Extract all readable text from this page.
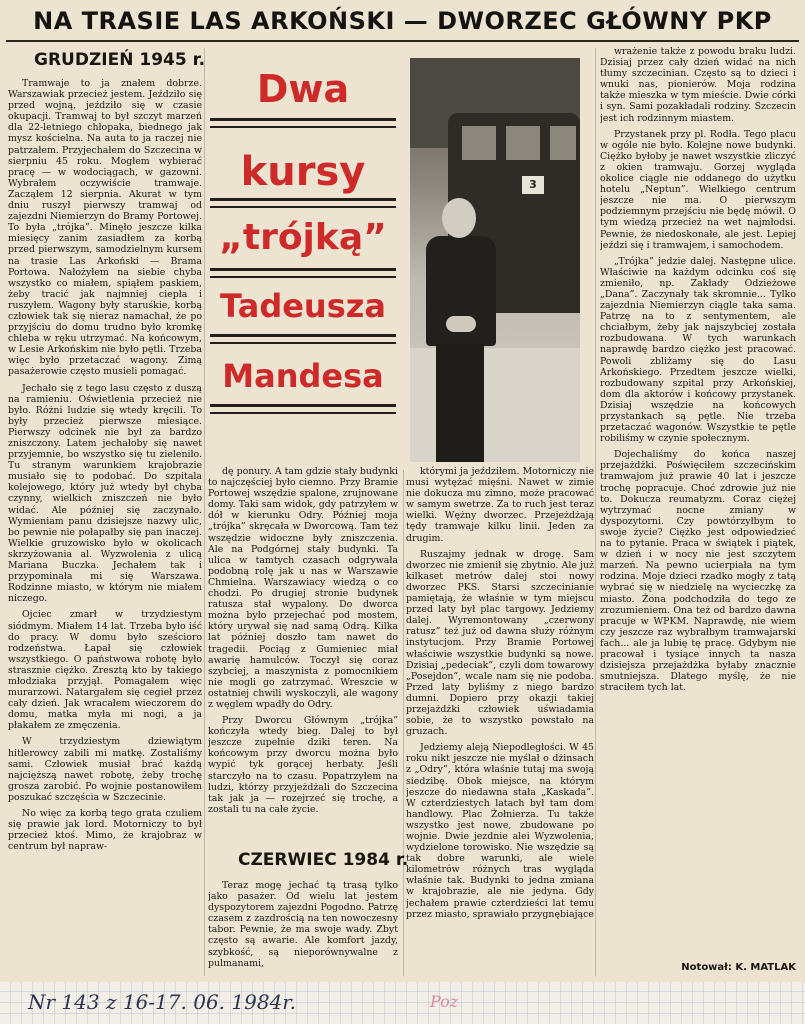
NA TRASIE LAS ARKOŃSKI — DWORZEC GŁÓWNY PKP
GRUDZIEŃ 1945 r.

Tramwaje to ja znałem dobrze. Warszawiak przecież jestem. Jeździło się przed wojną, jeździło się w czasie okupacji. Tramwaj to był szczyt marzeń dla 22-letniego chłopaka, biednego jak mysz kościelna. Na auta to ja raczej nie patrzałem. Przyjechałem do Szczecina w sierpniu 45 roku. Mogłem wybierać pracę — w wodociągach, w gazowni. Wybrałem oczywiście tramwaje. Zacząłem 12 sierpnia. Akurat w tym dniu ruszył pierwszy tramwaj od zajezdni Niemierzyn do Bramy Portowej. To była „trójka”. Minęło jeszcze kilka miesięcy zanim zasiadłem za korbą przed pierwszym, samodzielnym kursem na trasie Las Arkoński — Brama Portowa. Nałożyłem na siebie chyba wszystko co miałem, spiąłem paskiem, żeby tracić jak najmniej ciepła i ruszyłem. Wagony były staruśkie, korbą człowiek tak się nieraz namachał, że po przyjściu do domu trudno było kromkę chleba w ręku utrzymać. Na końcowym, w Lesie Arkońskim nie było pętli. Trzeba więc było przetaczać wagony. Zimą pasażerowie często musieli pomagać.

Jechało się z tego lasu często z duszą na ramieniu. Oświetlenia przecież nie było. Różni ludzie się wtedy kręcili. To były przecież pierwsze miesiące. Pierwszy odcinek nie był za bardzo zniszczony. Latem jechałoby się nawet przyjemnie, bo wszystko się tu zieleniło. Tu stranym warunkiem krajobrazie musiało się to podobać. Do szpitala kolejowego, który już wtedy był chyba czynny, wielkich zniszczeń nie było widać. Ale później się zaczynało. Wymieniam panu dzisiejsze nazwy ulic, bo pewnie nie połapałby się pan inaczej. Wielkie gruzowisko było w okolicach skrzyżowania al. Wyzwolenia z ulicą Mariana Buczka. Jechałem tak i przypominała mi się Warszawa. Rodzinne miasto, w którym nie miałem niczego.

Ojciec zmarł w trzydziestym siódmym. Miałem 14 lat. Trzeba było iść do pracy. W domu było sześcioro rodzeństwa. Łapał się człowiek wszystkiego. O państwowa robotę było strasznie ciężko. Zresztą kto by takiego młodziaka przyjął. Pomagałem więc murarzowi. Natargałem się cegieł przez cały dzień. Jak wracałem wieczorem do domu, matka myła mi nogi, a ja płakałem ze zmęczenia.

W trzydziestym dziewiątym hitlerowcy zabili mi matkę. Zostaliśmy sami. Człowiek musiał brać każdą najcięższą nawet robotę, żeby trochę grosza zarobić. Po wojnie postanowiłem poszukać szczęścia w Szczecinie.

No więc za korbą tego grata czuliem się prawie jak lord. Motorniczy to był przecież ktoś. Mimo, że krajobraz w centrum był napraw-

Dwa
kursy
„trójką”
Tadeusza
Mandesa
3

dę ponury. A tam gdzie stały budynki to najczęściej było ciemno. Przy Bramie Portowej wszędzie spalone, zrujnowane domy. Taki sam widok, gdy patrzyłem w dół w kierunku Odry. Później moja „trójka” skręcała w Dworcową. Tam też wszędzie widoczne były zniszczenia. Ale na Podgórnej stały budynki. Ta ulica w tamtych czasach odgrywała podobną rolę jak u nas w Warszawie Chmielna. Warszawiacy wiedzą o co chodzi. Po drugiej stronie budynek ratusza stał wypalony. Do dworca można było przejechać pod mostem, który urywał się nad samą Odrą. Kilka lat później doszło tam nawet do tragedii. Pociąg z Gumieniec miał awarię hamulców. Toczył się coraz szybciej, a maszynista z pomocnikiem nie mogli go zatrzymać. Wreszcie w ostatniej chwili wyskoczyli, ale wagony z węglem wpadły do Odry.

Przy Dworcu Głównym „trójka” kończyła wtedy bieg. Dalej to był jeszcze zupełnie dziki teren. Na końcowym przy dworcu można było wypić tyk gorącej herbaty. Jeśli starczyło na to czasu. Popatrzyłem na ludzi, którzy przyjeżdżali do Szczecina tak jak ja — rozejrzeć się trochę, a zostali tu na całe życie.

CZERWIEC 1984 r.

Teraz mogę jechać tą trasą tylko jako pasażer. Od wielu lat jestem dyspozytorem zajezdni Pogodno. Patrzę czasem z zazdrością na ten nowoczesny tabor. Pewnie, że ma swoje wady. Zbyt często są awarie. Ale komfort jazdy, szybkość, są nieporównywalne z pulmanami,

którymi ja jeździłem. Motorniczy nie musi wytężać mięśni. Nawet w zimie nie dokucza mu zimno, może pracować w samym swetrze. Za to ruch jest teraz wielki. Wężny dworzec. Przejeżdżają tędy tramwaje kilku linii. Jeden za drugim.

Ruszajmy jednak w drogę. Sam dworzec nie zmienił się zbytnio. Ale już kilkaset metrów dalej stoi nowy dworzec PKS. Starsi szczecinianie pamiętają, że właśnie w tym miejscu przed laty był plac targowy. Jedziemy dalej. Wyremontowany „czerwony ratusz” też już od dawna służy różnym instytucjom. Przy Bramie Portowej właściwie wszystkie budynki są nowe. Dzisiaj „pedeciak”, czyli dom towarowy „Posejdon”, wcale nam się nie podoba. Przed laty byliśmy z niego bardzo dumni. Dopiero przy okazji takiej przejażdżki człowiek uświadamia sobie, że to wszystko powstało na gruzach.

Jedziemy aleją Niepodległości. W 45 roku nikt jeszcze nie myślał o dżinsach z „Odry”, która właśnie tutaj ma swoją siedzibę. Obok miejsce, na którym jeszcze do niedawna stała „Kaskada”. W czterdziestych latach był tam dom handlowy. Plac Żołnierza. Tu także wszystko jest nowe, zbudowane po wojnie. Dwie jezdnie alei Wyzwolenia, wydzielone torowisko. Nie wszędzie są tak dobre warunki, ale wiele kilometrów różnych tras wygląda właśnie tak. Budynki to jedna zmiana w krajobrazie, ale nie jedyna. Gdy jechałem prawie czterdzieści lat temu przez miasto, sprawiało przygnębiające

wrażenie także z powodu braku ludzi. Dzisiaj przez cały dzień widać na nich tłumy szczecinian. Często są to dzieci i wnuki nas, pionierów. Moja rodzina także mieszka w tym mieście. Dwie córki i syn. Sami pozakładali rodziny. Szczecin jest ich rodzinnym miastem.

Przystanek przy pl. Rodła. Tego placu w ogóle nie było. Kolejne nowe budynki. Ciężko byłoby je nawet wszystkie zliczyć z okien tramwaju. Gorzej wygląda okolice ciągle nie oddanego do użytku hotelu „Neptun”. Wielkiego centrum jeszcze nie ma. O pierwszym podziemnym przejściu nie będę mówił. O tym wiedzą przecież na wet najmłodsi. Pewnie, że niedoskonałe, ale jest. Lepiej jeździ się i tramwajem, i samochodem.

„Trójka” jedzie dalej. Następne ulice. Właściwie na każdym odcinku coś się zmieniło, np. Zakłady Odzieżowe „Dana”. Zaczynały tak skromnie... Tylko zajezdnia Niemierzyn ciągle taka sama. Patrzę na to z sentymentem, ale chciałbym, żeby jak najszybciej została rozbudowana. W tych warunkach naprawdę bardzo ciężko jest pracować. Powoli zbliżamy się do Lasu Arkońskiego. Przedtem jeszcze wielki, rozbudowany szpital przy Arkońskiej, dom dla aktorów i końcowy przystanek. Dzisiaj wszędzie na końcowych przystankach są pętle. Nie trzeba przetaczać wagonów. Wszystkie te pętle robiliśmy w czynie społecznym.

Dojechaliśmy do końca naszej przejażdżki. Poświęciłem szczecińskim tramwajom już prawie 40 lat i jeszcze trochę popracuje. Choć zdrowie już nie to. Dokucza reumatyzm. Coraz ciężej wytrzymać nocne zmiany w dyspozytorni. Czy powtórzyłbym to swoje życie? Ciężko jest odpowiedzieć na to pytanie. Praca w świątek i piątek, w dzień i w nocy nie jest szczytem marzeń. Na pewno ucierpiała na tym rodzina. Moje dzieci rzadko mogły z tatą wybrać się w niedzielę na wycieczkę za miasto. Żona podchodziła do tego ze zrozumieniem. Ona też od bardzo dawna pracuje w WPKM. Naprawdę, nie wiem czy jeszcze raz wybrałbym tramwajarski fach... ale ja lubię tę pracę. Gdybym nie pracował i tysiące innych ta nasza dzisiejsza przejażdżka byłaby znacznie smutniejsza. Dlatego myślę, że nie straciłem tych lat.

Notował: K. MATLAK
Nr 143 z 16-17. 06. 1984r.	Poz
